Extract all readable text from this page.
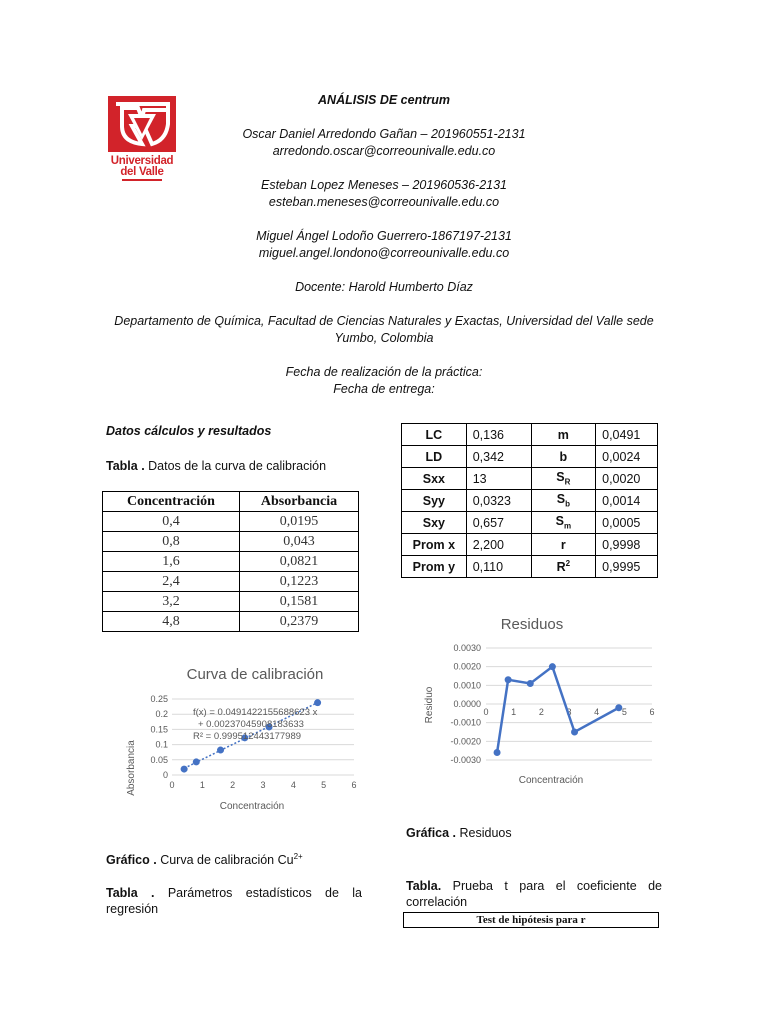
Universidad
del Valle
ANÁLISIS DE centrum
Oscar Daniel Arredondo Gañan – 201960551-2131
arredondo.oscar@correounivalle.edu.co
Esteban Lopez Meneses – 201960536-2131
esteban.meneses@correounivalle.edu.co
Miguel Ángel Lodoño Guerrero-1867197-2131
miguel.angel.londono@correounivalle.edu.co
Docente: Harold Humberto Díaz
Departamento de Química, Facultad de Ciencias Naturales y Exactas, Universidad del Valle sede Yumbo, Colombia
Fecha de realización de la práctica:
Fecha de entrega:
Datos cálculos y resultados
Tabla . Datos de la curva de calibración
Concentración	Absorbancia
0,4	0,0195
0,8	0,043
1,6	0,0821
2,4	0,1223
3,2	0,1581
4,8	0,2379
LC	0,136	m	0,0491
LD	0,342	b	0,0024
Sxx	13	$S_R$	0,0020
Syy	0,0323	$S_b$	0,0014
Sxy	0,657	$S_m$	0,0005
Prom x	2,200	r	0,9998
Prom y	0,110	$R^2$	0,9995
Curva de calibración
0
0.05
0.1
0.15
0.2
0.25
0	1	2	3	4	5	6
Absorbancia
Concentración
f(x) = 0.0491422155688623 x
+ 0.00237045908183633
R² = 0.999512443177989
Residuos
0.0030
0.0020
0.0010
0.0000
-0.0010
-0.0020
-0.0030
0	1	2	3	4	5	6
Residuo
Concentración
Gráfica . Residuos
Gráfico . Curva de calibración $Cu^{2+}$
Tabla . Parámetros estadísticos de la regresión
Tabla. Prueba t para el coeficiente de correlación
Test de hipótesis para r
